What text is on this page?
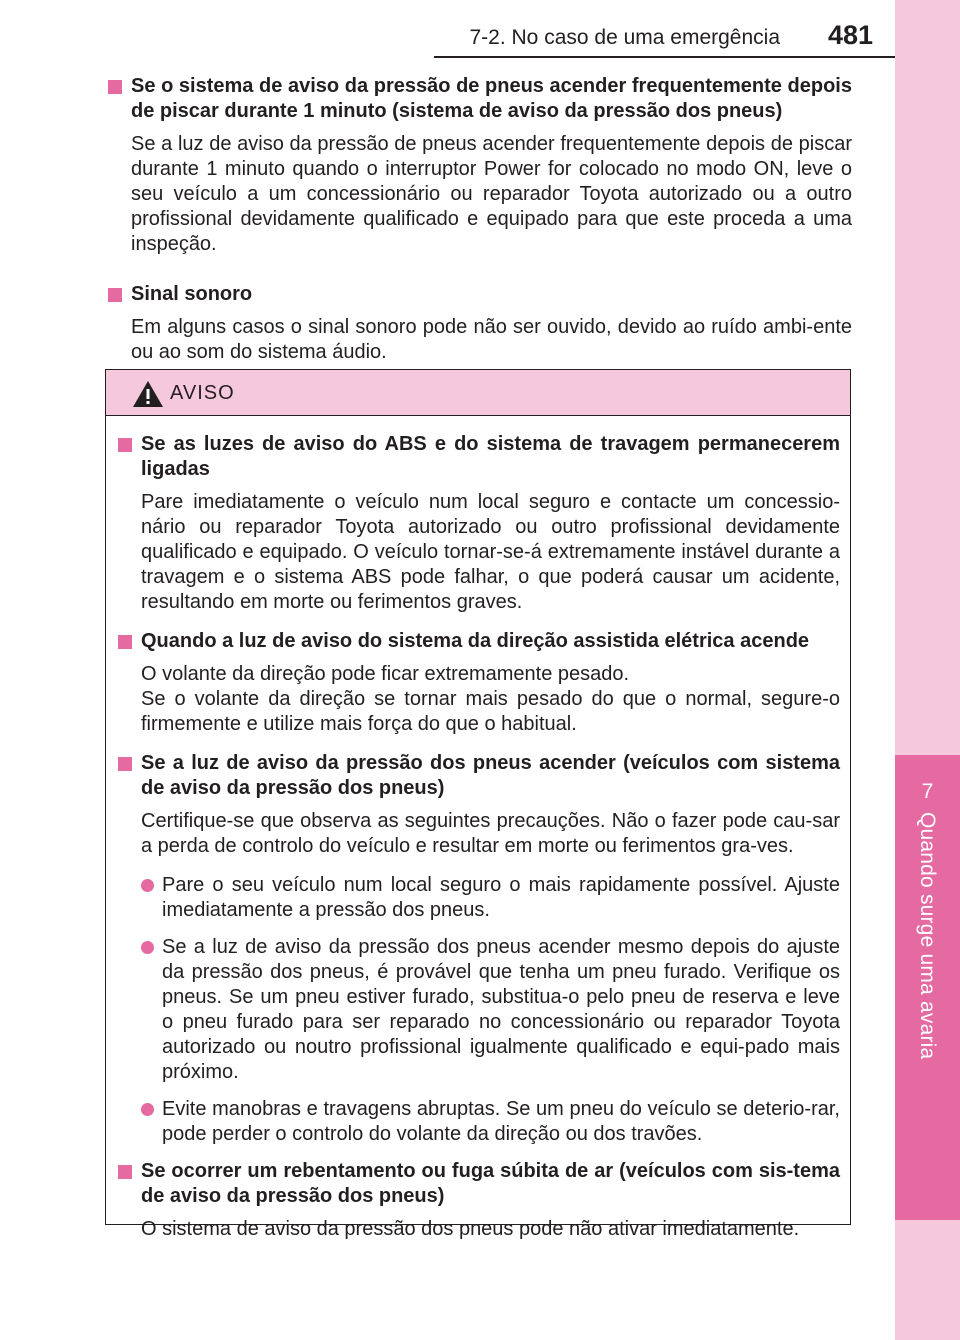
7
Quando surge uma avaria
7-2. No caso de uma emergência 481
Se o sistema de aviso da pressão de pneus acender frequentemente depois de piscar durante 1 minuto (sistema de aviso da pressão dos pneus)
Se a luz de aviso da pressão de pneus acender frequentemente depois de piscar durante 1 minuto quando o interruptor Power for colocado no modo ON, leve o seu veículo a um concessionário ou reparador Toyota autorizado ou a outro profissional devidamente qualificado e equipado para que este proceda a uma inspeção.
Sinal sonoro
Em alguns casos o sinal sonoro pode não ser ouvido, devido ao ruído ambi-ente ou ao som do sistema áudio.
AVISO
Se as luzes de aviso do ABS e do sistema de travagem permanecerem ligadas
Pare imediatamente o veículo num local seguro e contacte um concessio-nário ou reparador Toyota autorizado ou outro profissional devidamente qualificado e equipado. O veículo tornar-se-á extremamente instável durante a travagem e o sistema ABS pode falhar, o que poderá causar um acidente, resultando em morte ou ferimentos graves.
Quando a luz de aviso do sistema da direção assistida elétrica acende
O volante da direção pode ficar extremamente pesado.
Se o volante da direção se tornar mais pesado do que o normal, segure-o firmemente e utilize mais força do que o habitual.
Se a luz de aviso da pressão dos pneus acender (veículos com sistema de aviso da pressão dos pneus)
Certifique-se que observa as seguintes precauções. Não o fazer pode cau-sar a perda de controlo do veículo e resultar em morte ou ferimentos gra-ves.
Pare o seu veículo num local seguro o mais rapidamente possível. Ajuste imediatamente a pressão dos pneus.
Se a luz de aviso da pressão dos pneus acender mesmo depois do ajuste da pressão dos pneus, é provável que tenha um pneu furado. Verifique os pneus. Se um pneu estiver furado, substitua-o pelo pneu de reserva e leve o pneu furado para ser reparado no concessionário ou reparador Toyota autorizado ou noutro profissional igualmente qualificado e equi-pado mais próximo.
Evite manobras e travagens abruptas. Se um pneu do veículo se deterio-rar, pode perder o controlo do volante da direção ou dos travões.
Se ocorrer um rebentamento ou fuga súbita de ar (veículos com sis-tema de aviso da pressão dos pneus)
O sistema de aviso da pressão dos pneus pode não ativar imediatamente.
